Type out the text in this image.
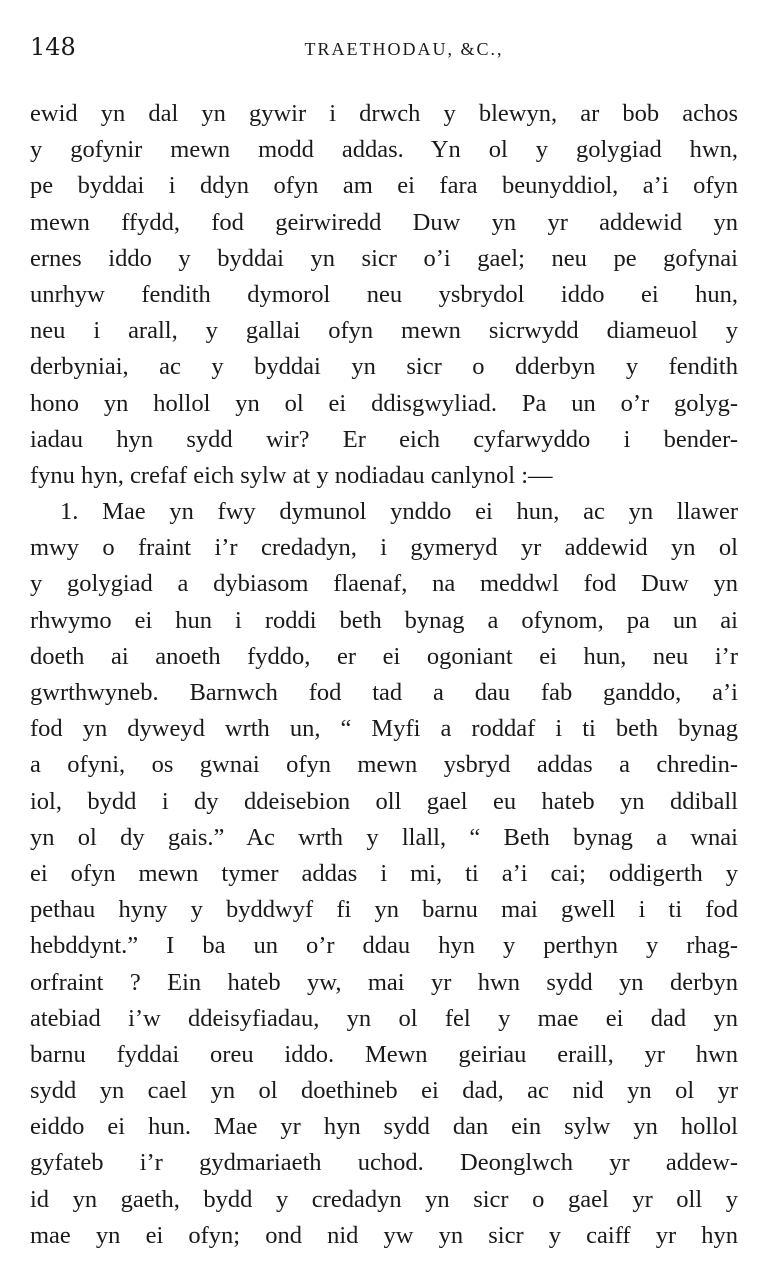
148	TRAETHODAU, &C.,
ewid yn dal yn gywir i drwch y blewyn, ar bob achos
y gofynir mewn modd addas. Yn ol y golygiad hwn,
pe byddai i ddyn ofyn am ei fara beunyddiol, a’i ofyn
mewn ffydd, fod geirwiredd Duw yn yr addewid yn
ernes iddo y byddai yn sicr o’i gael; neu pe gofynai
unrhyw fendith dymorol neu ysbrydol iddo ei hun,
neu i arall, y gallai ofyn mewn sicrwydd diameuol y
derbyniai, ac y byddai yn sicr o dderbyn y fendith
hono yn hollol yn ol ei ddisgwyliad. Pa un o’r golyg-
iadau hyn sydd wir? Er eich cyfarwyddo i bender-
fynu hyn, crefaf eich sylw at y nodiadau canlynol :—
1. Mae yn fwy dymunol ynddo ei hun, ac yn llawer
mwy o fraint i’r credadyn, i gymeryd yr addewid yn ol
y golygiad a dybiasom flaenaf, na meddwl fod Duw yn
rhwymo ei hun i roddi beth bynag a ofynom, pa un ai
doeth ai anoeth fyddo, er ei ogoniant ei hun, neu i’r
gwrthwyneb. Barnwch fod tad a dau fab ganddo, a’i
fod yn dyweyd wrth un, “ Myfi a roddaf i ti beth bynag
a ofyni, os gwnai ofyn mewn ysbryd addas a chredin-
iol, bydd i dy ddeisebion oll gael eu hateb yn ddiball
yn ol dy gais.” Ac wrth y llall, “ Beth bynag a wnai
ei ofyn mewn tymer addas i mi, ti a’i cai; oddigerth y
pethau hyny y byddwyf fi yn barnu mai gwell i ti fod
hebddynt.” I ba un o’r ddau hyn y perthyn y rhag-
orfraint ? Ein hateb yw, mai yr hwn sydd yn derbyn
atebiad i’w ddeisyfiadau, yn ol fel y mae ei dad yn
barnu fyddai oreu iddo. Mewn geiriau eraill, yr hwn
sydd yn cael yn ol doethineb ei dad, ac nid yn ol yr
eiddo ei hun. Mae yr hyn sydd dan ein sylw yn hollol
gyfateb i’r gydmariaeth uchod. Deonglwch yr addew-
id yn gaeth, bydd y credadyn yn sicr o gael yr oll y
mae yn ei ofyn; ond nid yw yn sicr y caiff yr hyn
